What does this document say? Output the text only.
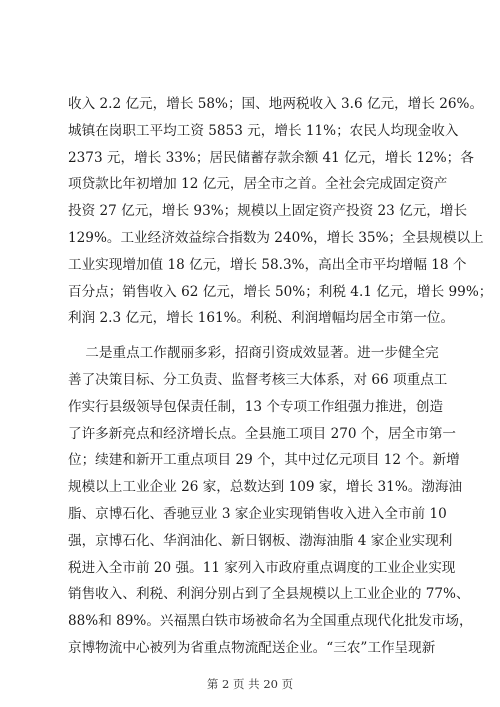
收入 2.2 亿元，增长 58%；国、地两税收入 3.6 亿元，增长 26%。
城镇在岗职工平均工资 5853 元，增长 11%；农民人均现金收入
2373 元，增长 33%；居民储蓄存款余额 41 亿元，增长 12%；各
项贷款比年初增加 12 亿元，居全市之首。全社会完成固定资产
投资 27 亿元，增长 93%；规模以上固定资产投资 23 亿元，增长
129%。工业经济效益综合指数为 240%，增长 35%；全县规模以上
工业实现增加值 18 亿元，增长 58.3%，高出全市平均增幅 18 个
百分点；销售收入 62 亿元，增长 50%；利税 4.1 亿元，增长 99%；
利润 2.3 亿元，增长 161%。利税、利润增幅均居全市第一位。
二是重点工作靓丽多彩，招商引资成效显著。进一步健全完
善了决策目标、分工负责、监督考核三大体系，对 66 项重点工
作实行县级领导包保责任制，13 个专项工作组强力推进，创造
了许多新亮点和经济增长点。全县施工项目 270 个，居全市第一
位；续建和新开工重点项目 29 个，其中过亿元项目 12 个。新增
规模以上工业企业 26 家，总数达到 109 家，增长 31%。渤海油
脂、京博石化、香驰豆业 3 家企业实现销售收入进入全市前 10
强，京博石化、华润油化、新日钢板、渤海油脂 4 家企业实现利
税进入全市前 20 强。11 家列入市政府重点调度的工业企业实现
销售收入、利税、利润分别占到了全县规模以上工业企业的 77%、
88%和 89%。兴福黑白铁市场被命名为全国重点现代化批发市场，
京博物流中心被列为省重点物流配送企业。“三农”工作呈现新
第 2 页 共 20 页
